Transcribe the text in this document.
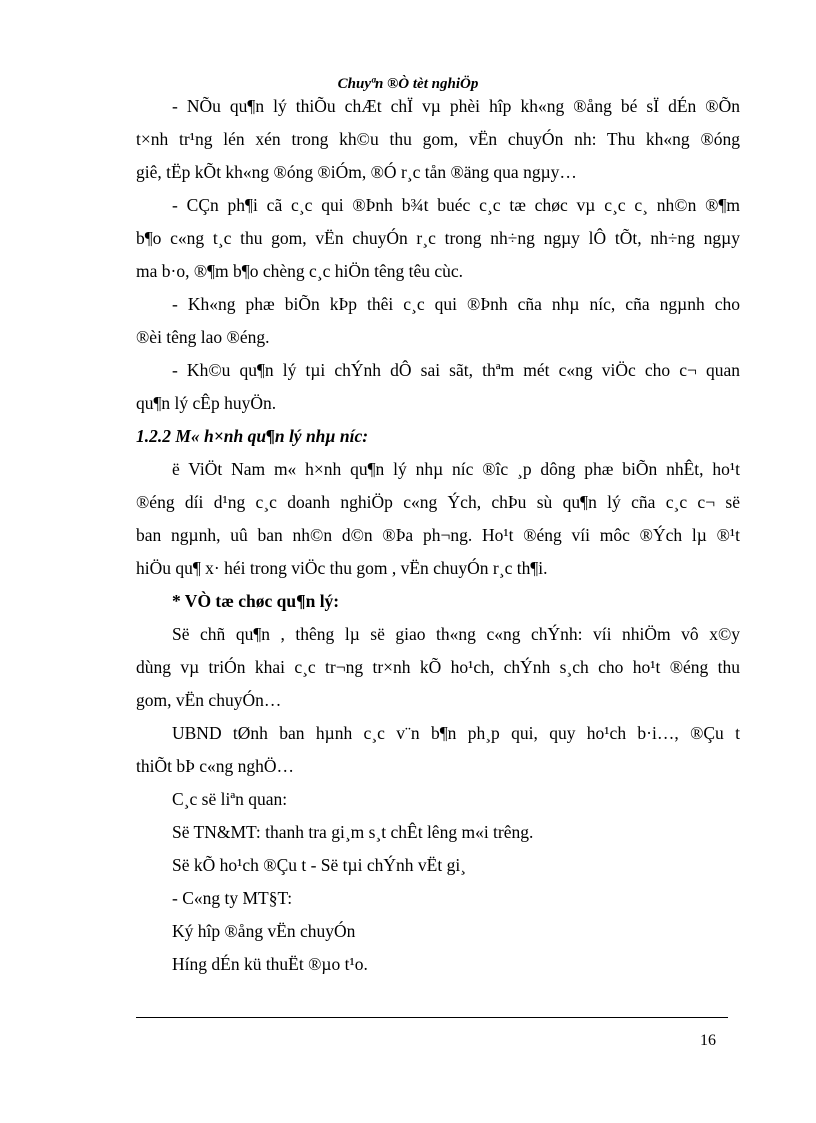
Chuyªn ®Ò tèt nghiÖp
- NÕu qu¶n lý thiÕu chÆt chÏ vµ phèi hîp kh«ng ®ång bé sÏ dÉn ®Õn
t×nh tr¹ng lén xén trong kh©u thu gom, vËn chuyÓn nh: Thu kh«ng ®óng
giê, tËp kÕt kh«ng ®óng ®iÓm, ®Ó r¸c tån ®äng qua ngµy…
- CÇn ph¶i cã c¸c qui ®Þnh b¾t buéc c¸c tæ chøc vµ c¸c c¸ nh©n ®¶m
b¶o c«ng t¸c thu gom, vËn chuyÓn r¸c trong nh÷ng ngµy lÔ tÕt, nh÷ng ngµy
ma b·o, ®¶m b¶o chèng c¸c hiÖn têng têu cùc.
- Kh«ng phæ biÕn kÞp thêi c¸c qui ®Þnh cña nhµ níc, cña ngµnh cho
®èi têng lao ®éng.
- Kh©u qu¶n lý tµi chÝnh dÔ sai sãt, thªm mét c«ng viÖc cho c¬ quan
qu¶n lý cÊp huyÖn.
1.2.2 M« h×nh qu¶n lý nhµ níc:
ë ViÖt Nam m« h×nh qu¶n lý nhµ níc ®îc ¸p dông phæ biÕn nhÊt, ho¹t
®éng díi d¹ng c¸c doanh nghiÖp c«ng Ých, chÞu sù qu¶n lý cña c¸c c¬ së
ban ngµnh, uû ban nh©n d©n ®Þa ph¬ng. Ho¹t ®éng víi môc ®Ých lµ ®¹t
hiÖu qu¶ x· héi trong viÖc thu gom , vËn chuyÓn r¸c th¶i.
* VÒ tæ chøc qu¶n lý:
Së chñ qu¶n , thêng lµ së giao th«ng c«ng chÝnh: víi nhiÖm vô x©y
dùng vµ triÓn khai c¸c tr¬ng tr×nh kÕ ho¹ch, chÝnh s¸ch cho ho¹t ®éng thu
gom, vËn chuyÓn…
UBND tØnh ban hµnh c¸c v¨n b¶n ph¸p qui, quy ho¹ch b·i…, ®Çu t
thiÕt bÞ c«ng nghÖ…
C¸c së liªn quan:
Së TN&MT: thanh tra gi¸m s¸t chÊt lêng m«i trêng.
Së kÕ ho¹ch ®Çu t - Së tµi chÝnh vËt gi¸
- C«ng ty MT§T:
Ký hîp ®ång vËn chuyÓn
Híng dÉn kü thuËt ®µo t¹o.
16
